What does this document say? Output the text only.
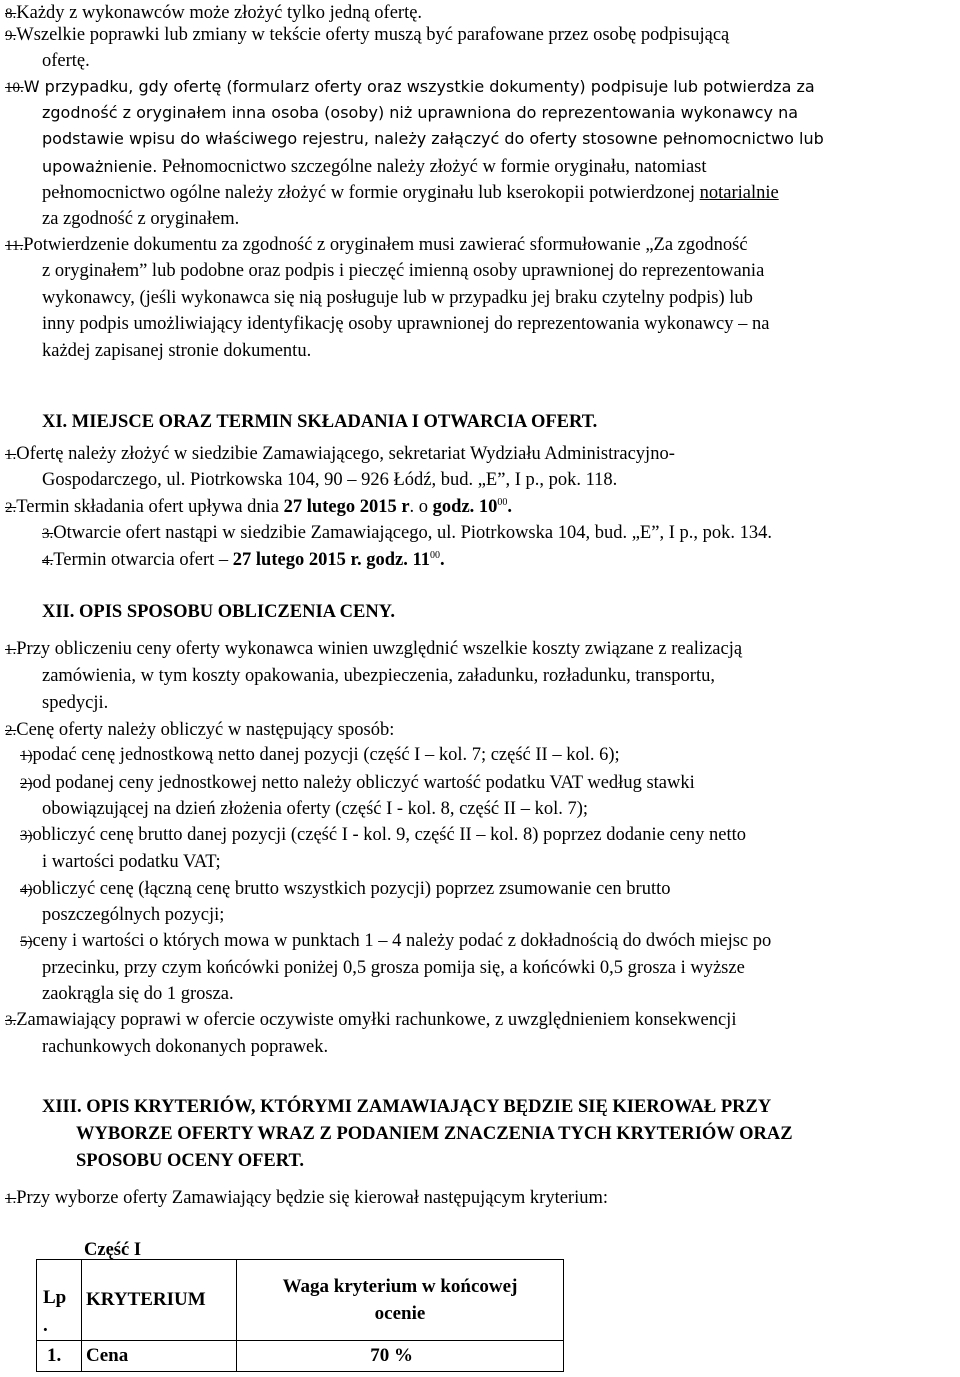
8.Każdy z wykonawców może złożyć tylko jedną ofertę.
9.Wszelkie poprawki lub zmiany w tekście oferty muszą być parafowane przez osobę podpisującą
ofertę.
10.W przypadku, gdy ofertę (formularz oferty oraz wszystkie dokumenty) podpisuje lub potwierdza za
zgodność z oryginałem inna osoba (osoby) niż uprawniona do reprezentowania wykonawcy na
podstawie wpisu do właściwego rejestru, należy załączyć do oferty stosowne pełnomocnictwo lub
upoważnienie. Pełnomocnictwo szczególne należy złożyć w formie oryginału, natomiast
pełnomocnictwo ogólne należy złożyć w formie oryginału lub kserokopii potwierdzonej notarialnie
za zgodność z oryginałem.
11.Potwierdzenie dokumentu za zgodność z oryginałem musi zawierać sformułowanie „Za zgodność
z oryginałem” lub podobne oraz podpis i pieczęć imienną osoby uprawnionej do reprezentowania
wykonawcy, (jeśli wykonawca się nią posługuje lub w przypadku jej braku czytelny podpis) lub
inny podpis umożliwiający identyfikację osoby uprawnionej do reprezentowania wykonawcy – na
każdej zapisanej stronie dokumentu.
XI. MIEJSCE ORAZ TERMIN SKŁADANIA I OTWARCIA OFERT.
1.Ofertę należy złożyć w siedzibie Zamawiającego, sekretariat Wydziału Administracyjno-
Gospodarczego, ul. Piotrkowska 104, 90 – 926 Łódź, bud. „E”, I p., pok. 118.
2.Termin składania ofert upływa dnia 27 lutego 2015 r. o godz. $10^{00}$.
3.Otwarcie ofert nastąpi w siedzibie Zamawiającego, ul. Piotrkowska 104, bud. „E”, I p., pok. 134.
4.Termin otwarcia ofert – 27 lutego 2015 r. godz. $11^{00}$.
XII. OPIS SPOSOBU OBLICZENIA CENY.
1.Przy obliczeniu ceny oferty wykonawca winien uwzględnić wszelkie koszty związane z realizacją
zamówienia, w tym koszty opakowania, ubezpieczenia, załadunku, rozładunku, transportu,
spedycji.
2.Cenę oferty należy obliczyć w następujący sposób:
1)podać cenę jednostkową netto danej pozycji (część I – kol. 7; część II – kol. 6);
2)od podanej ceny jednostkowej netto należy obliczyć wartość podatku VAT według stawki
obowiązującej na dzień złożenia oferty (część I - kol. 8, część II – kol. 7);
3)obliczyć cenę brutto danej pozycji (część I - kol. 9, część II – kol. 8) poprzez dodanie ceny netto
i wartości podatku VAT;
4)obliczyć cenę (łączną cenę brutto wszystkich pozycji) poprzez zsumowanie cen brutto
poszczególnych pozycji;
5)ceny i wartości o których mowa w punktach 1 – 4 należy podać z dokładnością do dwóch miejsc po
przecinku, przy czym końcówki poniżej 0,5 grosza pomija się, a końcówki 0,5 grosza i wyższe
zaokrągla się do 1 grosza.
3.Zamawiający poprawi w ofercie oczywiste omyłki rachunkowe, z uwzględnieniem konsekwencji
rachunkowych dokonanych poprawek.
XIII. OPIS KRYTERIÓW, KTÓRYMI ZAMAWIAJĄCY BĘDZIE SIĘ KIEROWAŁ PRZY
WYBORZE OFERTY WRAZ Z PODANIEM ZNACZENIA TYCH KRYTERIÓW ORAZ
SPOSOBU OCENY OFERT.
1.Przy wyborze oferty Zamawiający będzie się kierował następującym kryterium:
Część I
Lp
.	KRYTERIUM	Waga kryterium w końcowej
ocenie
1.	Cena	70 %
